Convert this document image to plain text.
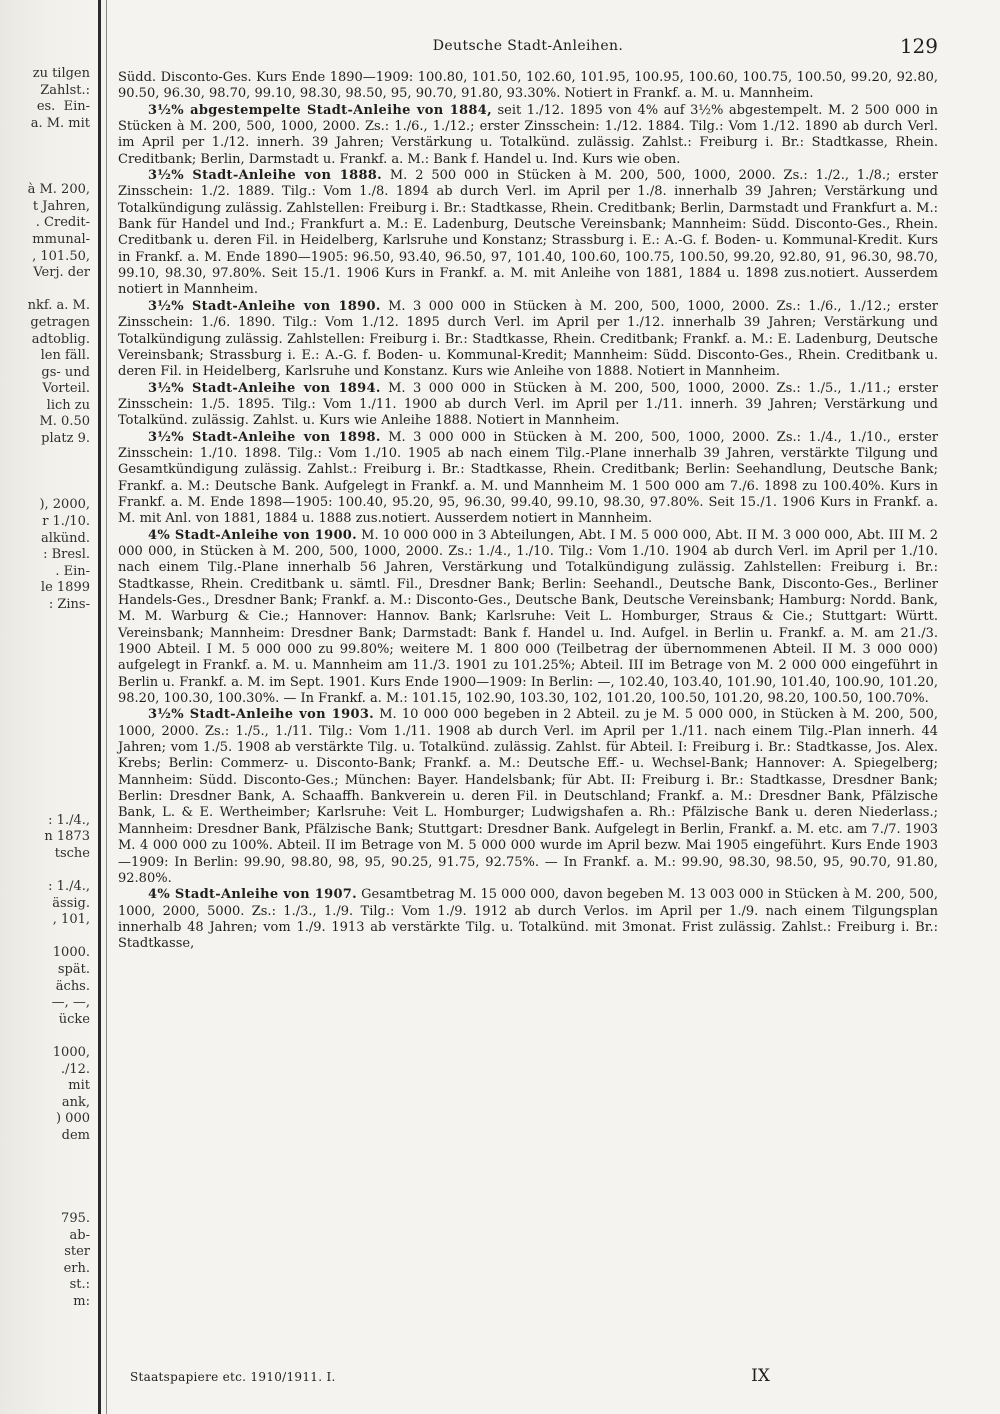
zu tilgen
Zahlst.:
es.  Ein-
a. M. mit

à M. 200,
t Jahren,
. Credit-
mmunal-
, 101.50,
Verj. der

nkf. a. M.
getragen
adtoblig.
len fäll.
gs- und
Vorteil.
lich zu
M. 0.50
platz 9.

), 2000,
r 1./10.
alkünd.
: Bresl.
. Ein-
le 1899
: Zins-

: 1./4.,
n 1873
tsche

: 1./4.,
ässig.
, 101,

1000.
spät.
ächs.
—, —,
ücke

1000,
./12.
mit
ank,
) 000
dem

795.
ab-
ster
erh.
st.:
m:
Deutsche Stadt-Anleihen.	129

Südd. Disconto-Ges. Kurs Ende 1890—1909: 100.80, 101.50, 102.60, 101.95, 100.95, 100.60, 100.75, 100.50, 99.20, 92.80, 90.50, 96.30, 98.70, 99.10, 98.30, 98.50, 95, 90.70, 91.80, 93.30%. Notiert in Frankf. a. M. u. Mannheim.

3½% abgestempelte Stadt-Anleihe von 1884, seit 1./12. 1895 von 4% auf 3½% abgestempelt. M. 2 500 000 in Stücken à M. 200, 500, 1000, 2000. Zs.: 1./6., 1./12.; erster Zinsschein: 1./12. 1884. Tilg.: Vom 1./12. 1890 ab durch Verl. im April per 1./12. innerh. 39 Jahren; Verstärkung u. Totalkünd. zulässig. Zahlst.: Freiburg i. Br.: Stadtkasse, Rhein. Creditbank; Berlin, Darmstadt u. Frankf. a. M.: Bank f. Handel u. Ind. Kurs wie oben.

3½% Stadt-Anleihe von 1888. M. 2 500 000 in Stücken à M. 200, 500, 1000, 2000. Zs.: 1./2., 1./8.; erster Zinsschein: 1./2. 1889. Tilg.: Vom 1./8. 1894 ab durch Verl. im April per 1./8. innerhalb 39 Jahren; Verstärkung und Totalkündigung zulässig. Zahlstellen: Freiburg i. Br.: Stadtkasse, Rhein. Creditbank; Berlin, Darmstadt und Frankfurt a. M.: Bank für Handel und Ind.; Frankfurt a. M.: E. Ladenburg, Deutsche Vereinsbank; Mannheim: Südd. Disconto-Ges., Rhein. Creditbank u. deren Fil. in Heidelberg, Karlsruhe und Konstanz; Strassburg i. E.: A.-G. f. Boden- u. Kommunal-Kredit. Kurs in Frankf. a. M. Ende 1890—1905: 96.50, 93.40, 96.50, 97, 101.40, 100.60, 100.75, 100.50, 99.20, 92.80, 91, 96.30, 98.70, 99.10, 98.30, 97.80%. Seit 15./1. 1906 Kurs in Frankf. a. M. mit Anleihe von 1881, 1884 u. 1898 zus.notiert. Ausserdem notiert in Mannheim.

3½% Stadt-Anleihe von 1890. M. 3 000 000 in Stücken à M. 200, 500, 1000, 2000. Zs.: 1./6., 1./12.; erster Zinsschein: 1./6. 1890. Tilg.: Vom 1./12. 1895 durch Verl. im April per 1./12. innerhalb 39 Jahren; Verstärkung und Totalkündigung zulässig. Zahlstellen: Freiburg i. Br.: Stadtkasse, Rhein. Creditbank; Frankf. a. M.: E. Ladenburg, Deutsche Vereinsbank; Strassburg i. E.: A.-G. f. Boden- u. Kommunal-Kredit; Mannheim: Südd. Disconto-Ges., Rhein. Creditbank u. deren Fil. in Heidelberg, Karlsruhe und Konstanz. Kurs wie Anleihe von 1888. Notiert in Mannheim.

3½% Stadt-Anleihe von 1894. M. 3 000 000 in Stücken à M. 200, 500, 1000, 2000. Zs.: 1./5., 1./11.; erster Zinsschein: 1./5. 1895. Tilg.: Vom 1./11. 1900 ab durch Verl. im April per 1./11. innerh. 39 Jahren; Verstärkung und Totalkünd. zulässig. Zahlst. u. Kurs wie Anleihe 1888. Notiert in Mannheim.

3½% Stadt-Anleihe von 1898. M. 3 000 000 in Stücken à M. 200, 500, 1000, 2000. Zs.: 1./4., 1./10., erster Zinsschein: 1./10. 1898. Tilg.: Vom 1./10. 1905 ab nach einem Tilg.-Plane innerhalb 39 Jahren, verstärkte Tilgung und Gesamtkündigung zulässig. Zahlst.: Freiburg i. Br.: Stadtkasse, Rhein. Creditbank; Berlin: Seehandlung, Deutsche Bank; Frankf. a. M.: Deutsche Bank. Aufgelegt in Frankf. a. M. und Mannheim M. 1 500 000 am 7./6. 1898 zu 100.40%. Kurs in Frankf. a. M. Ende 1898—1905: 100.40, 95.20, 95, 96.30, 99.40, 99.10, 98.30, 97.80%. Seit 15./1. 1906 Kurs in Frankf. a. M. mit Anl. von 1881, 1884 u. 1888 zus.notiert. Ausserdem notiert in Mannheim.

4% Stadt-Anleihe von 1900. M. 10 000 000 in 3 Abteilungen, Abt. I M. 5 000 000, Abt. II M. 3 000 000, Abt. III M. 2 000 000, in Stücken à M. 200, 500, 1000, 2000. Zs.: 1./4., 1./10. Tilg.: Vom 1./10. 1904 ab durch Verl. im April per 1./10. nach einem Tilg.-Plane innerhalb 56 Jahren, Verstärkung und Totalkündigung zulässig. Zahlstellen: Freiburg i. Br.: Stadtkasse, Rhein. Creditbank u. sämtl. Fil., Dresdner Bank; Berlin: Seehandl., Deutsche Bank, Disconto-Ges., Berliner Handels-Ges., Dresdner Bank; Frankf. a. M.: Disconto-Ges., Deutsche Bank, Deutsche Vereinsbank; Hamburg: Nordd. Bank, M. M. Warburg & Cie.; Hannover: Hannov. Bank; Karlsruhe: Veit L. Homburger, Straus & Cie.; Stuttgart: Württ. Vereinsbank; Mannheim: Dresdner Bank; Darmstadt: Bank f. Handel u. Ind. Aufgel. in Berlin u. Frankf. a. M. am 21./3. 1900 Abteil. I M. 5 000 000 zu 99.80%; weitere M. 1 800 000 (Teilbetrag der übernommenen Abteil. II M. 3 000 000) aufgelegt in Frankf. a. M. u. Mannheim am 11./3. 1901 zu 101.25%; Abteil. III im Betrage von M. 2 000 000 eingeführt in Berlin u. Frankf. a. M. im Sept. 1901. Kurs Ende 1900—1909: In Berlin: —, 102.40, 103.40, 101.90, 101.40, 100.90, 101.20, 98.20, 100.30, 100.30%. — In Frankf. a. M.: 101.15, 102.90, 103.30, 102, 101.20, 100.50, 101.20, 98.20, 100.50, 100.70%.

3½% Stadt-Anleihe von 1903. M. 10 000 000 begeben in 2 Abteil. zu je M. 5 000 000, in Stücken à M. 200, 500, 1000, 2000. Zs.: 1./5., 1./11. Tilg.: Vom 1./11. 1908 ab durch Verl. im April per 1./11. nach einem Tilg.-Plan innerh. 44 Jahren; vom 1./5. 1908 ab verstärkte Tilg. u. Totalkünd. zulässig. Zahlst. für Abteil. I: Freiburg i. Br.: Stadtkasse, Jos. Alex. Krebs; Berlin: Commerz- u. Disconto-Bank; Frankf. a. M.: Deutsche Eff.- u. Wechsel-Bank; Hannover: A. Spiegelberg; Mannheim: Südd. Disconto-Ges.; München: Bayer. Handelsbank; für Abt. II: Freiburg i. Br.: Stadtkasse, Dresdner Bank; Berlin: Dresdner Bank, A. Schaaffh. Bankverein u. deren Fil. in Deutschland; Frankf. a. M.: Dresdner Bank, Pfälzische Bank, L. & E. Wertheimber; Karlsruhe: Veit L. Homburger; Ludwigshafen a. Rh.: Pfälzische Bank u. deren Niederlass.; Mannheim: Dresdner Bank, Pfälzische Bank; Stuttgart: Dresdner Bank. Aufgelegt in Berlin, Frankf. a. M. etc. am 7./7. 1903 M. 4 000 000 zu 100%. Abteil. II im Betrage von M. 5 000 000 wurde im April bezw. Mai 1905 eingeführt. Kurs Ende 1903—1909: In Berlin: 99.90, 98.80, 98, 95, 90.25, 91.75, 92.75%. — In Frankf. a. M.: 99.90, 98.30, 98.50, 95, 90.70, 91.80, 92.80%.

4% Stadt-Anleihe von 1907. Gesamtbetrag M. 15 000 000, davon begeben M. 13 003 000 in Stücken à M. 200, 500, 1000, 2000, 5000. Zs.: 1./3., 1./9. Tilg.: Vom 1./9. 1912 ab durch Verlos. im April per 1./9. nach einem Tilgungsplan innerhalb 48 Jahren; vom 1./9. 1913 ab verstärkte Tilg. u. Totalkünd. mit 3monat. Frist zulässig. Zahlst.: Freiburg i. Br.: Stadtkasse,

Staatspapiere etc. 1910/1911. I.	IX
